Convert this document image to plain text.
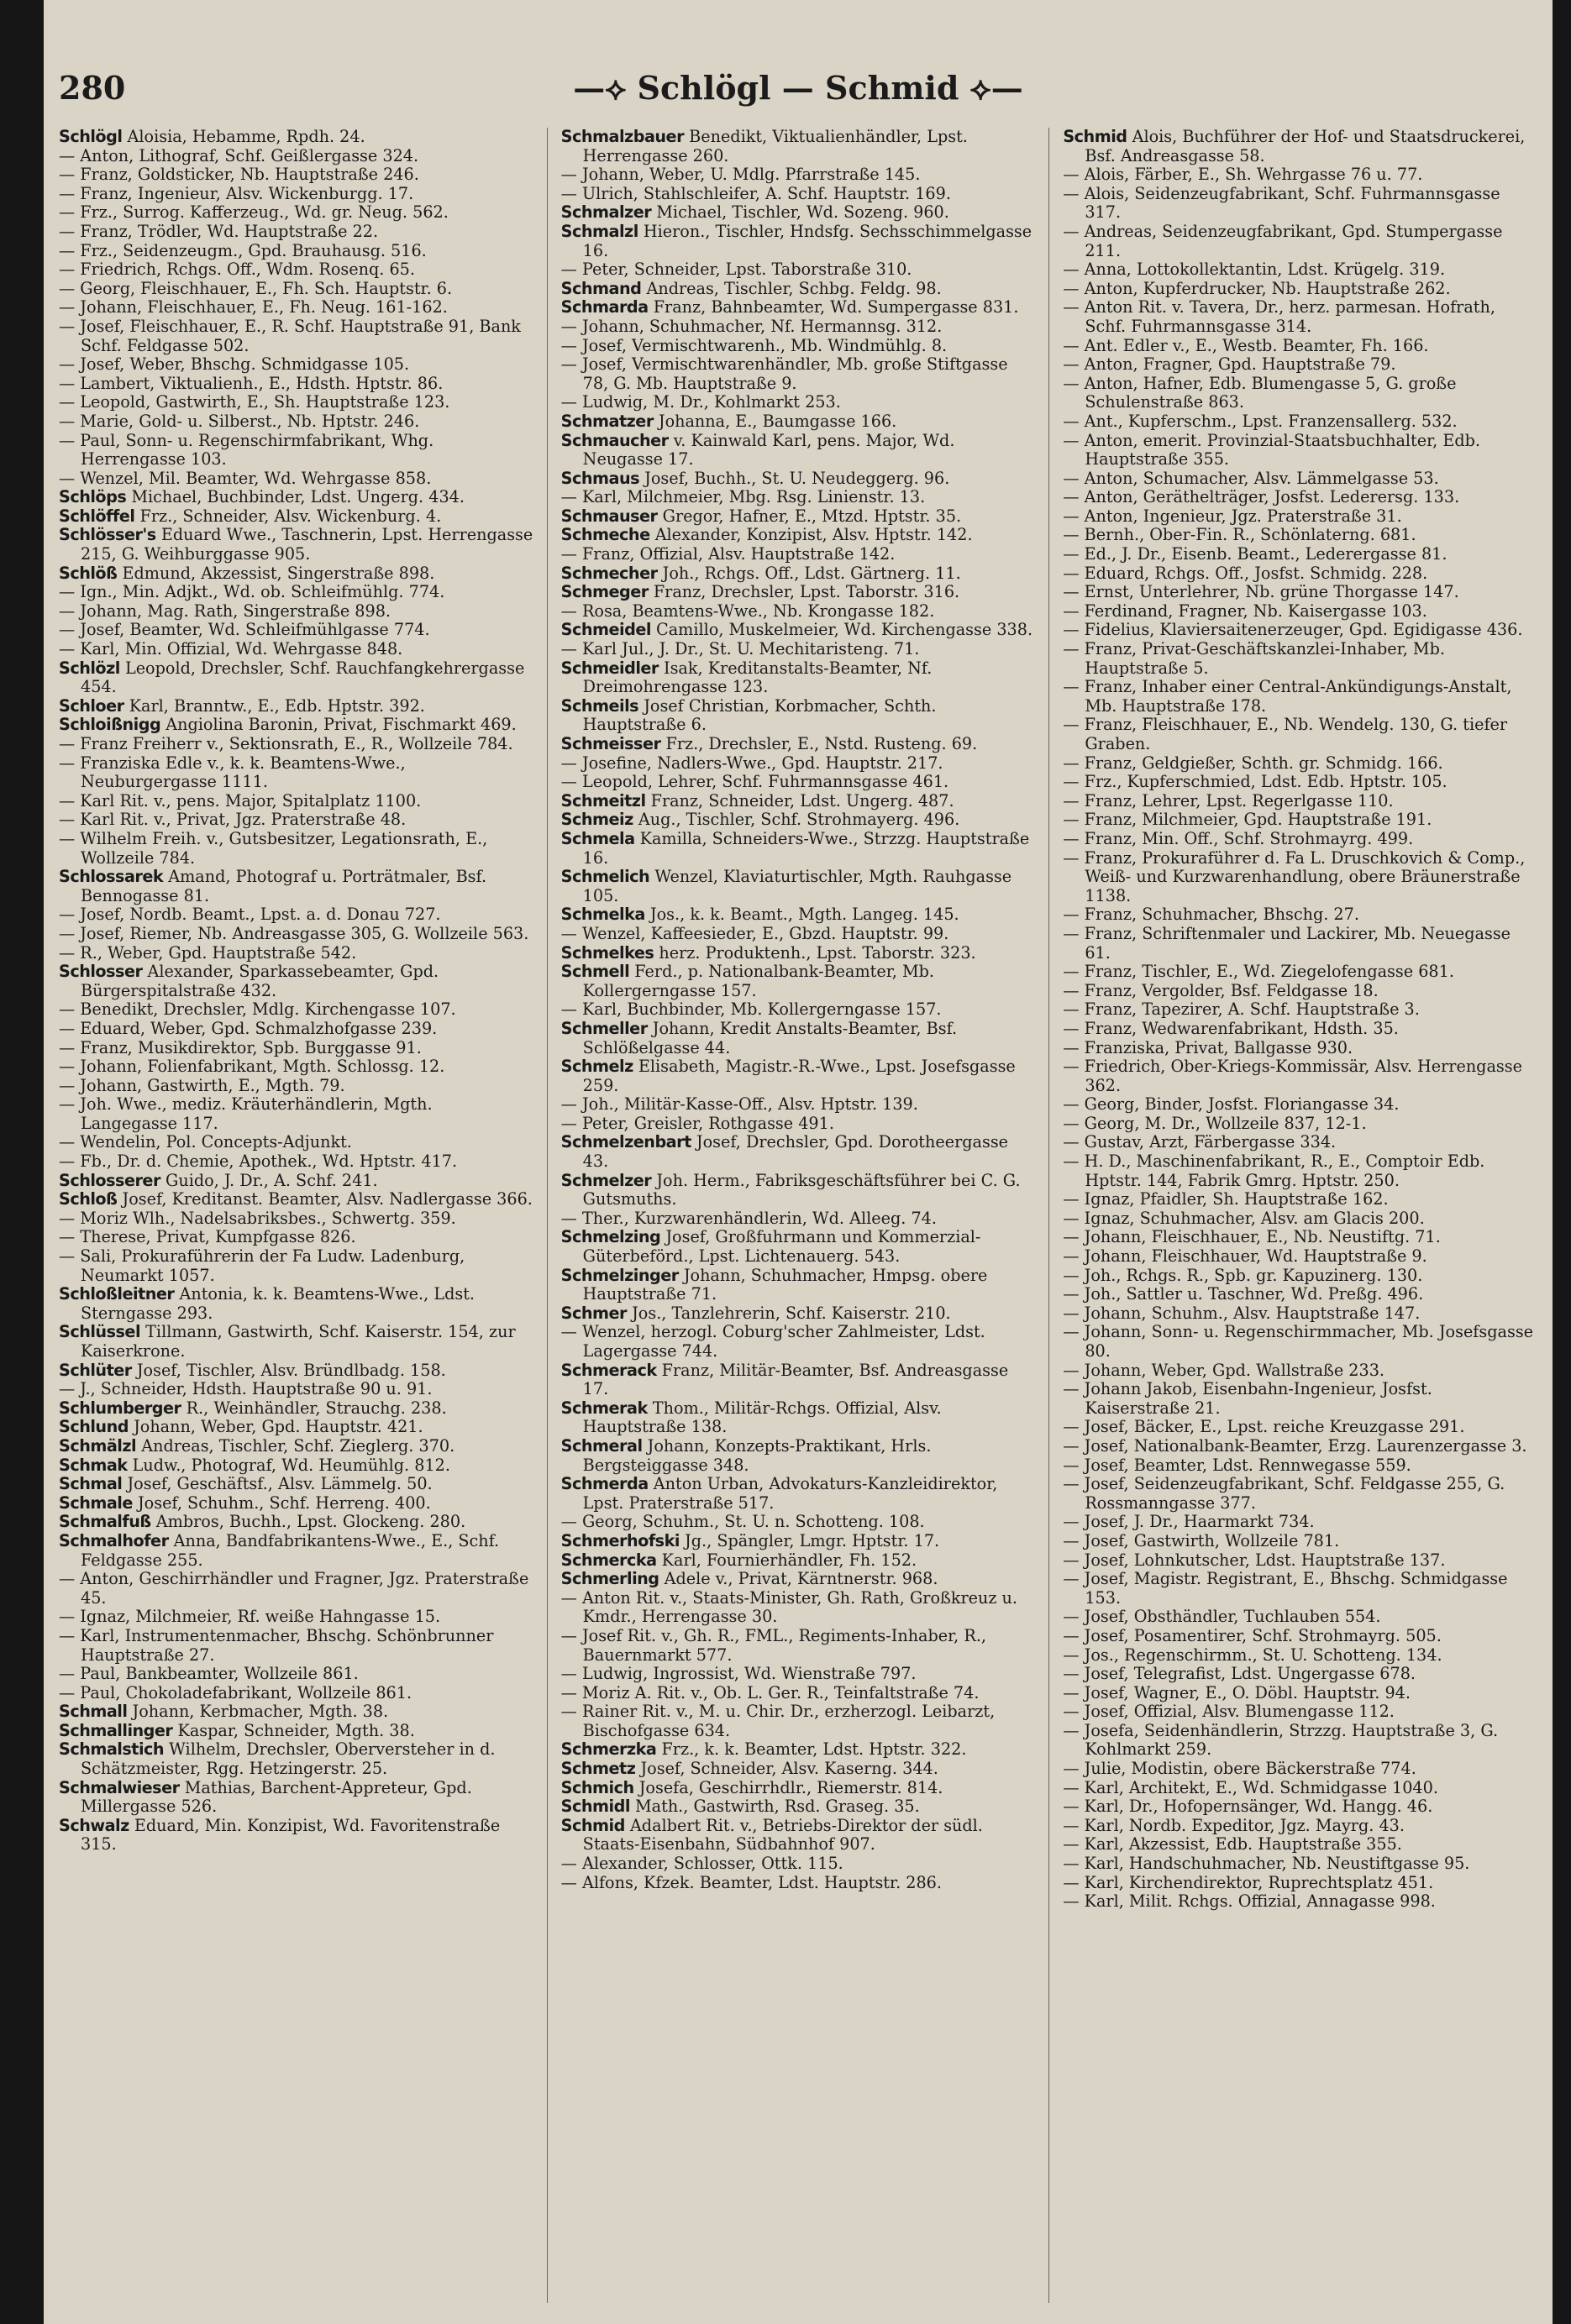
280	—⟡ Schlögl — Schmid ⟡—

Schlögl Aloisia, Hebamme, Rpdh. 24.

— Anton, Lithograf, Schf. Geißlergasse 324.

— Franz, Goldsticker, Nb. Hauptstraße 246.

— Franz, Ingenieur, Alsv. Wickenburgg. 17.

— Frz., Surrog. Kafferzeug., Wd. gr. Neug. 562.

— Franz, Trödler, Wd. Hauptstraße 22.

— Frz., Seidenzeugm., Gpd. Brauhausg. 516.

— Friedrich, Rchgs. Off., Wdm. Rosenq. 65.

— Georg, Fleischhauer, E., Fh. Sch. Hauptstr. 6.

— Johann, Fleischhauer, E., Fh. Neug. 161-162.

— Josef, Fleischhauer, E., R. Schf. Hauptstraße 91, Bank Schf. Feldgasse 502.

— Josef, Weber, Bhschg. Schmidgasse 105.

— Lambert, Viktualienh., E., Hdsth. Hptstr. 86.

— Leopold, Gastwirth, E., Sh. Hauptstraße 123.

— Marie, Gold- u. Silberst., Nb. Hptstr. 246.

— Paul, Sonn- u. Regenschirmfabrikant, Whg. Herrengasse 103.

— Wenzel, Mil. Beamter, Wd. Wehrgasse 858.

Schlöps Michael, Buchbinder, Ldst. Ungerg. 434.

Schlöffel Frz., Schneider, Alsv. Wickenburg. 4.

Schlösser's Eduard Wwe., Taschnerin, Lpst. Herrengasse 215, G. Weihburggasse 905.

Schlöß Edmund, Akzessist, Singerstraße 898.

— Ign., Min. Adjkt., Wd. ob. Schleifmühlg. 774.

— Johann, Mag. Rath, Singerstraße 898.

— Josef, Beamter, Wd. Schleifmühlgasse 774.

— Karl, Min. Offizial, Wd. Wehrgasse 848.

Schlözl Leopold, Drechsler, Schf. Rauchfangkehrergasse 454.

Schloer Karl, Branntw., E., Edb. Hptstr. 392.

Schloißnigg Angiolina Baronin, Privat, Fischmarkt 469.

— Franz Freiherr v., Sektionsrath, E., R., Wollzeile 784.

— Franziska Edle v., k. k. Beamtens-Wwe., Neuburgergasse 1111.

— Karl Rit. v., pens. Major, Spitalplatz 1100.

— Karl Rit. v., Privat, Jgz. Praterstraße 48.

— Wilhelm Freih. v., Gutsbesitzer, Legationsrath, E., Wollzeile 784.

Schlossarek Amand, Photograf u. Porträtmaler, Bsf. Bennogasse 81.

— Josef, Nordb. Beamt., Lpst. a. d. Donau 727.

— Josef, Riemer, Nb. Andreasgasse 305, G. Wollzeile 563.

— R., Weber, Gpd. Hauptstraße 542.

Schlosser Alexander, Sparkassebeamter, Gpd. Bürgerspitalstraße 432.

— Benedikt, Drechsler, Mdlg. Kirchengasse 107.

— Eduard, Weber, Gpd. Schmalzhofgasse 239.

— Franz, Musikdirektor, Spb. Burggasse 91.

— Johann, Folienfabrikant, Mgth. Schlossg. 12.

— Johann, Gastwirth, E., Mgth. 79.

— Joh. Wwe., mediz. Kräuterhändlerin, Mgth. Langegasse 117.

— Wendelin, Pol. Concepts-Adjunkt.

— Fb., Dr. d. Chemie, Apothek., Wd. Hptstr. 417.

Schlosserer Guido, J. Dr., A. Schf. 241.

Schloß Josef, Kreditanst. Beamter, Alsv. Nadlergasse 366.

— Moriz Wlh., Nadelsabriksbes., Schwertg. 359.

— Therese, Privat, Kumpfgasse 826.

— Sali, Prokuraführerin der Fa Ludw. Ladenburg, Neumarkt 1057.

Schloßleitner Antonia, k. k. Beamtens-Wwe., Ldst. Sterngasse 293.

Schlüssel Tillmann, Gastwirth, Schf. Kaiserstr. 154, zur Kaiserkrone.

Schlüter Josef, Tischler, Alsv. Bründlbadg. 158.

— J., Schneider, Hdsth. Hauptstraße 90 u. 91.

Schlumberger R., Weinhändler, Strauchg. 238.

Schlund Johann, Weber, Gpd. Hauptstr. 421.

Schmälzl Andreas, Tischler, Schf. Zieglerg. 370.

Schmak Ludw., Photograf, Wd. Heumühlg. 812.

Schmal Josef, Geschäftsf., Alsv. Lämmelg. 50.

Schmale Josef, Schuhm., Schf. Herreng. 400.

Schmalfuß Ambros, Buchh., Lpst. Glockeng. 280.

Schmalhofer Anna, Bandfabrikantens-Wwe., E., Schf. Feldgasse 255.

— Anton, Geschirrhändler und Fragner, Jgz. Praterstraße 45.

— Ignaz, Milchmeier, Rf. weiße Hahngasse 15.

— Karl, Instrumentenmacher, Bhschg. Schönbrunner Hauptstraße 27.

— Paul, Bankbeamter, Wollzeile 861.

— Paul, Chokoladefabrikant, Wollzeile 861.

Schmall Johann, Kerbmacher, Mgth. 38.

Schmallinger Kaspar, Schneider, Mgth. 38.

Schmalstich Wilhelm, Drechsler, Oberversteher in d. Schätzmeister, Rgg. Hetzingerstr. 25.

Schmalwieser Mathias, Barchent-Appreteur, Gpd. Millergasse 526.

Schwalz Eduard, Min. Konzipist, Wd. Favoritenstraße 315.

Schmalzbauer Benedikt, Viktualienhändler, Lpst. Herrengasse 260.

— Johann, Weber, U. Mdlg. Pfarrstraße 145.

— Ulrich, Stahlschleifer, A. Schf. Hauptstr. 169.

Schmalzer Michael, Tischler, Wd. Sozeng. 960.

Schmalzl Hieron., Tischler, Hndsfg. Sechsschimmelgasse 16.

— Peter, Schneider, Lpst. Taborstraße 310.

Schmand Andreas, Tischler, Schbg. Feldg. 98.

Schmarda Franz, Bahnbeamter, Wd. Sumpergasse 831.

— Johann, Schuhmacher, Nf. Hermannsg. 312.

— Josef, Vermischtwarenh., Mb. Windmühlg. 8.

— Josef, Vermischtwarenhändler, Mb. große Stiftgasse 78, G. Mb. Hauptstraße 9.

— Ludwig, M. Dr., Kohlmarkt 253.

Schmatzer Johanna, E., Baumgasse 166.

Schmaucher v. Kainwald Karl, pens. Major, Wd. Neugasse 17.

Schmaus Josef, Buchh., St. U. Neudeggerg. 96.

— Karl, Milchmeier, Mbg. Rsg. Linienstr. 13.

Schmauser Gregor, Hafner, E., Mtzd. Hptstr. 35.

Schmeche Alexander, Konzipist, Alsv. Hptstr. 142.

— Franz, Offizial, Alsv. Hauptstraße 142.

Schmecher Joh., Rchgs. Off., Ldst. Gärtnerg. 11.

Schmeger Franz, Drechsler, Lpst. Taborstr. 316.

— Rosa, Beamtens-Wwe., Nb. Krongasse 182.

Schmeidel Camillo, Muskelmeier, Wd. Kirchengasse 338.

— Karl Jul., J. Dr., St. U. Mechitaristeng. 71.

Schmeidler Isak, Kreditanstalts-Beamter, Nf. Dreimohrengasse 123.

Schmeils Josef Christian, Korbmacher, Schth. Hauptstraße 6.

Schmeisser Frz., Drechsler, E., Nstd. Rusteng. 69.

— Josefine, Nadlers-Wwe., Gpd. Hauptstr. 217.

— Leopold, Lehrer, Schf. Fuhrmannsgasse 461.

Schmeitzl Franz, Schneider, Ldst. Ungerg. 487.

Schmeiz Aug., Tischler, Schf. Strohmayerg. 496.

Schmela Kamilla, Schneiders-Wwe., Strzzg. Hauptstraße 16.

Schmelich Wenzel, Klaviaturtischler, Mgth. Rauhgasse 105.

Schmelka Jos., k. k. Beamt., Mgth. Langeg. 145.

— Wenzel, Kaffeesieder, E., Gbzd. Hauptstr. 99.

Schmelkes herz. Produktenh., Lpst. Taborstr. 323.

Schmell Ferd., p. Nationalbank-Beamter, Mb. Kollergerngasse 157.

— Karl, Buchbinder, Mb. Kollergerngasse 157.

Schmeller Johann, Kredit Anstalts-Beamter, Bsf. Schlößelgasse 44.

Schmelz Elisabeth, Magistr.-R.-Wwe., Lpst. Josefsgasse 259.

— Joh., Militär-Kasse-Off., Alsv. Hptstr. 139.

— Peter, Greisler, Rothgasse 491.

Schmelzenbart Josef, Drechsler, Gpd. Dorotheergasse 43.

Schmelzer Joh. Herm., Fabriksgeschäftsführer bei C. G. Gutsmuths.

— Ther., Kurzwarenhändlerin, Wd. Alleeg. 74.

Schmelzing Josef, Großfuhrmann und Kommerzial-Güterbeförd., Lpst. Lichtenauerg. 543.

Schmelzinger Johann, Schuhmacher, Hmpsg. obere Hauptstraße 71.

Schmer Jos., Tanzlehrerin, Schf. Kaiserstr. 210.

— Wenzel, herzogl. Coburg'scher Zahlmeister, Ldst. Lagergasse 744.

Schmerack Franz, Militär-Beamter, Bsf. Andreasgasse 17.

Schmerak Thom., Militär-Rchgs. Offizial, Alsv. Hauptstraße 138.

Schmeral Johann, Konzepts-Praktikant, Hrls. Bergsteiggasse 348.

Schmerda Anton Urban, Advokaturs-Kanzleidirektor, Lpst. Praterstraße 517.

— Georg, Schuhm., St. U. n. Schotteng. 108.

Schmerhofski Jg., Spängler, Lmgr. Hptstr. 17.

Schmercka Karl, Fournierhändler, Fh. 152.

Schmerling Adele v., Privat, Kärntnerstr. 968.

— Anton Rit. v., Staats-Minister, Gh. Rath, Großkreuz u. Kmdr., Herrengasse 30.

— Josef Rit. v., Gh. R., FML., Regiments-Inhaber, R., Bauernmarkt 577.

— Ludwig, Ingrossist, Wd. Wienstraße 797.

— Moriz A. Rit. v., Ob. L. Ger. R., Teinfaltstraße 74.

— Rainer Rit. v., M. u. Chir. Dr., erzherzogl. Leibarzt, Bischofgasse 634.

Schmerzka Frz., k. k. Beamter, Ldst. Hptstr. 322.

Schmetz Josef, Schneider, Alsv. Kaserng. 344.

Schmich Josefa, Geschirrhdlr., Riemerstr. 814.

Schmidl Math., Gastwirth, Rsd. Graseg. 35.

Schmid Adalbert Rit. v., Betriebs-Direktor der südl. Staats-Eisenbahn, Südbahnhof 907.

— Alexander, Schlosser, Ottk. 115.

— Alfons, Kfzek. Beamter, Ldst. Hauptstr. 286.

Schmid Alois, Buchführer der Hof- und Staatsdruckerei, Bsf. Andreasgasse 58.

— Alois, Färber, E., Sh. Wehrgasse 76 u. 77.

— Alois, Seidenzeugfabrikant, Schf. Fuhrmannsgasse 317.

— Andreas, Seidenzeugfabrikant, Gpd. Stumpergasse 211.

— Anna, Lottokollektantin, Ldst. Krügelg. 319.

— Anton, Kupferdrucker, Nb. Hauptstraße 262.

— Anton Rit. v. Tavera, Dr., herz. parmesan. Hofrath, Schf. Fuhrmannsgasse 314.

— Ant. Edler v., E., Westb. Beamter, Fh. 166.

— Anton, Fragner, Gpd. Hauptstraße 79.

— Anton, Hafner, Edb. Blumengasse 5, G. große Schulenstraße 863.

— Ant., Kupferschm., Lpst. Franzensallerg. 532.

— Anton, emerit. Provinzial-Staatsbuchhalter, Edb. Hauptstraße 355.

— Anton, Schumacher, Alsv. Lämmelgasse 53.

— Anton, Geräthelträger, Josfst. Lederersg. 133.

— Anton, Ingenieur, Jgz. Praterstraße 31.

— Bernh., Ober-Fin. R., Schönlaterng. 681.

— Ed., J. Dr., Eisenb. Beamt., Lederergasse 81.

— Eduard, Rchgs. Off., Josfst. Schmidg. 228.

— Ernst, Unterlehrer, Nb. grüne Thorgasse 147.

— Ferdinand, Fragner, Nb. Kaisergasse 103.

— Fidelius, Klaviersaitenerzeuger, Gpd. Egidigasse 436.

— Franz, Privat-Geschäftskanzlei-Inhaber, Mb. Hauptstraße 5.

— Franz, Inhaber einer Central-Ankündigungs-Anstalt, Mb. Hauptstraße 178.

— Franz, Fleischhauer, E., Nb. Wendelg. 130, G. tiefer Graben.

— Franz, Geldgießer, Schth. gr. Schmidg. 166.

— Frz., Kupferschmied, Ldst. Edb. Hptstr. 105.

— Franz, Lehrer, Lpst. Regerlgasse 110.

— Franz, Milchmeier, Gpd. Hauptstraße 191.

— Franz, Min. Off., Schf. Strohmayrg. 499.

— Franz, Prokuraführer d. Fa L. Druschkovich & Comp., Weiß- und Kurzwarenhandlung, obere Bräunerstraße 1138.

— Franz, Schuhmacher, Bhschg. 27.

— Franz, Schriftenmaler und Lackirer, Mb. Neuegasse 61.

— Franz, Tischler, E., Wd. Ziegelofengasse 681.

— Franz, Vergolder, Bsf. Feldgasse 18.

— Franz, Tapezirer, A. Schf. Hauptstraße 3.

— Franz, Wedwarenfabrikant, Hdsth. 35.

— Franziska, Privat, Ballgasse 930.

— Friedrich, Ober-Kriegs-Kommissär, Alsv. Herrengasse 362.

— Georg, Binder, Josfst. Floriangasse 34.

— Georg, M. Dr., Wollzeile 837, 12-1.

— Gustav, Arzt, Färbergasse 334.

— H. D., Maschinenfabrikant, R., E., Comptoir Edb. Hptstr. 144, Fabrik Gmrg. Hptstr. 250.

— Ignaz, Pfaidler, Sh. Hauptstraße 162.

— Ignaz, Schuhmacher, Alsv. am Glacis 200.

— Johann, Fleischhauer, E., Nb. Neustiftg. 71.

— Johann, Fleischhauer, Wd. Hauptstraße 9.

— Joh., Rchgs. R., Spb. gr. Kapuzinerg. 130.

— Joh., Sattler u. Taschner, Wd. Preßg. 496.

— Johann, Schuhm., Alsv. Hauptstraße 147.

— Johann, Sonn- u. Regenschirmmacher, Mb. Josefsgasse 80.

— Johann, Weber, Gpd. Wallstraße 233.

— Johann Jakob, Eisenbahn-Ingenieur, Josfst. Kaiserstraße 21.

— Josef, Bäcker, E., Lpst. reiche Kreuzgasse 291.

— Josef, Nationalbank-Beamter, Erzg. Laurenzergasse 3.

— Josef, Beamter, Ldst. Rennwegasse 559.

— Josef, Seidenzeugfabrikant, Schf. Feldgasse 255, G. Rossmanngasse 377.

— Josef, J. Dr., Haarmarkt 734.

— Josef, Gastwirth, Wollzeile 781.

— Josef, Lohnkutscher, Ldst. Hauptstraße 137.

— Josef, Magistr. Registrant, E., Bhschg. Schmidgasse 153.

— Josef, Obsthändler, Tuchlauben 554.

— Josef, Posamentirer, Schf. Strohmayrg. 505.

— Jos., Regenschirmm., St. U. Schotteng. 134.

— Josef, Telegrafist, Ldst. Ungergasse 678.

— Josef, Wagner, E., O. Döbl. Hauptstr. 94.

— Josef, Offizial, Alsv. Blumengasse 112.

— Josefa, Seidenhändlerin, Strzzg. Hauptstraße 3, G. Kohlmarkt 259.

— Julie, Modistin, obere Bäckerstraße 774.

— Karl, Architekt, E., Wd. Schmidgasse 1040.

— Karl, Dr., Hofopernsänger, Wd. Hangg. 46.

— Karl, Nordb. Expeditor, Jgz. Mayrg. 43.

— Karl, Akzessist, Edb. Hauptstraße 355.

— Karl, Handschuhmacher, Nb. Neustiftgasse 95.

— Karl, Kirchendirektor, Ruprechtsplatz 451.

— Karl, Milit. Rchgs. Offizial, Annagasse 998.
